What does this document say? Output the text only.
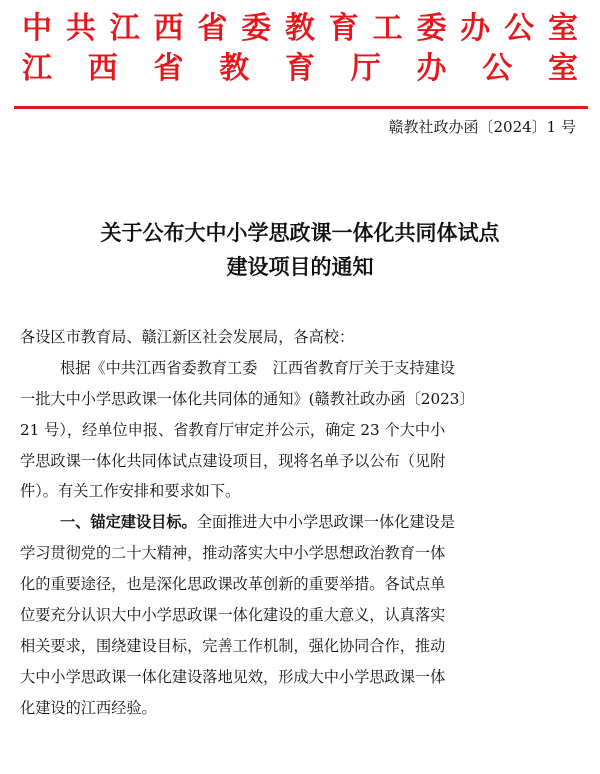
中 共 江 西 省 委 教 育 工 委 办 公 室
江 西 省 教 育 厅 办 公 室
赣教社政办函〔2024〕1 号
关于公布大中小学思政课一体化共同体试点
建设项目的通知
各设区市教育局、赣江新区社会发展局，各高校：
根据《中共江西省委教育工委　江西省教育厅关于支持建设
一批大中小学思政课一体化共同体的通知》(赣教社政办函〔2023〕
21 号），经单位申报、省教育厅审定并公示，确定 23 个大中小
学思政课一体化共同体试点建设项目，现将名单予以公布（见附
件）。有关工作安排和要求如下。
一、锚定建设目标。全面推进大中小学思政课一体化建设是
学习贯彻党的二十大精神，推动落实大中小学思想政治教育一体
化的重要途径，也是深化思政课改革创新的重要举措。各试点单
位要充分认识大中小学思政课一体化建设的重大意义，认真落实
相关要求，围绕建设目标，完善工作机制，强化协同合作，推动
大中小学思政课一体化建设落地见效，形成大中小学思政课一体
化建设的江西经验。
